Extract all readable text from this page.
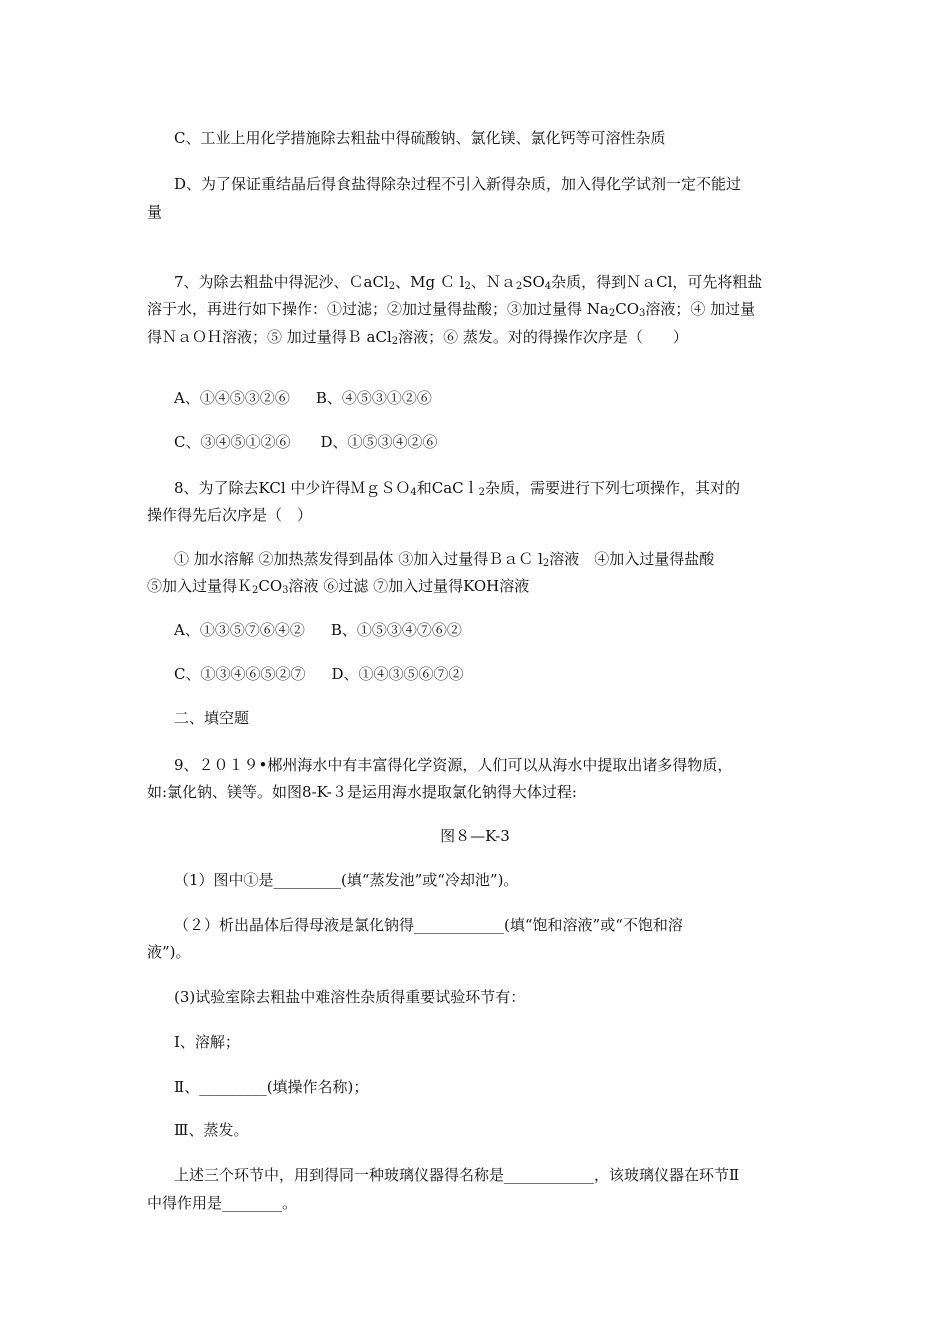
C、工业上用化学措施除去粗盐中得硫酸钠、氯化镁、氯化钙等可溶性杂质
D、为了保证重结晶后得食盐得除杂过程不引入新得杂质，加入得化学试剂一定不能过
量
7、为除去粗盐中得泥沙、ＣaCl$_2$、Mg Ｃ $l_2$、$Na_2SO_4$杂质，得到ＮａCl，可先将粗盐
溶于水，再进行如下操作：①过滤；②加过量得盐酸；③加过量得 $Na_2CO_3$溶液；④ 加过量
得ＮａＯＨ溶液；⑤ 加过量得Ｂ aCl$_2$溶液；⑥ 蒸发。对的得操作次序是（　　）
A、①④⑤③②⑥ B、④⑤③①②⑥
C、③④⑤①②⑥ D、①⑤③④②⑥
8、为了除去KCl 中少许得ＭｇＳＯ$_4$和CaCｌ$_2$杂质，需要进行下列七项操作，其对的
操作得先后次序是（　）
① 加水溶解 ②加热蒸发得到晶体 ③加入过量得ＢａＣ $l_2$溶液　④加入过量得盐酸
⑤加入过量得$K_2CO_3$溶液 ⑥过滤 ⑦加入过量得KOH溶液
A、①③⑤⑦⑥④② B、①⑤③④⑦⑥②
C、①③④⑥⑤②⑦ D、①④③⑤⑥⑦②
二、填空题
9、２０１９•郴州海水中有丰富得化学资源，人们可以从海水中提取出诸多得物质，
如:氯化钠、镁等。如图8-K-３是运用海水提取氯化钠得大体过程:
图８—K-3
（1）图中①是_________(填“蒸发池”或“冷却池”)。
（２）析出晶体后得母液是氯化钠得____________(填“饱和溶液”或“不饱和溶
液”)。
(3)试验室除去粗盐中难溶性杂质得重要试验环节有：
Ⅰ、溶解；
Ⅱ、_________(填操作名称)；
Ⅲ、蒸发。
上述三个环节中，用到得同一种玻璃仪器得名称是____________，该玻璃仪器在环节Ⅱ
中得作用是________。
